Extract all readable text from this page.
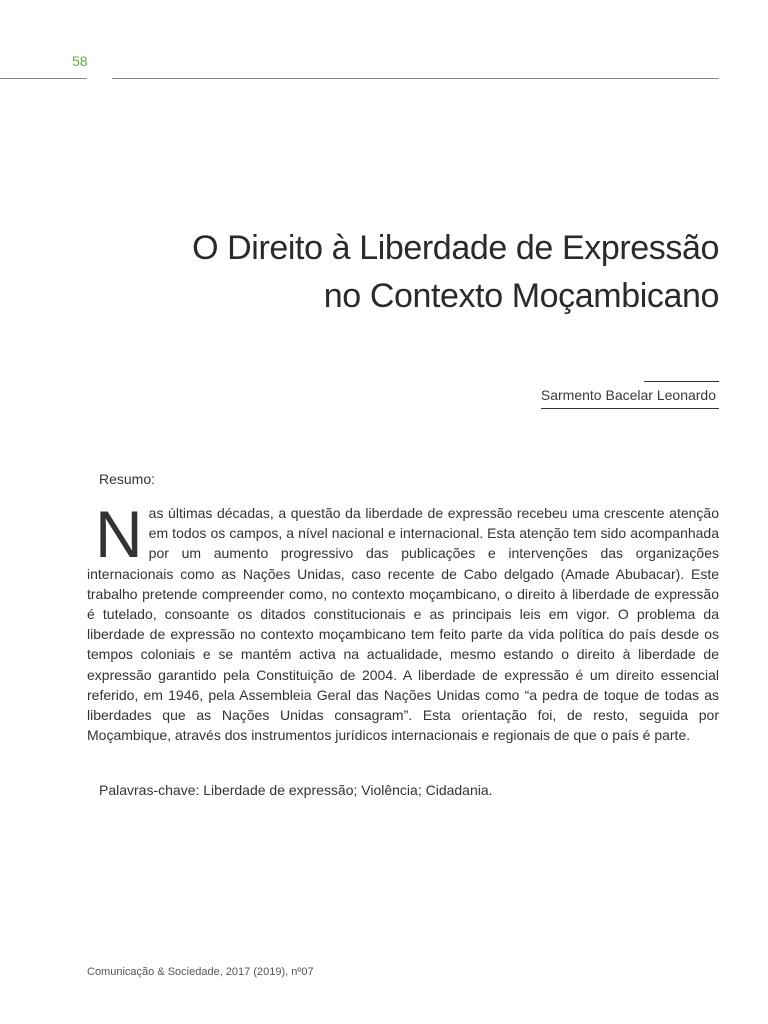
58
O Direito à Liberdade de Expressão
no Contexto Moçambicano
Sarmento Bacelar Leonardo
Resumo:

Nas últimas décadas, a questão da liberdade de expressão recebeu uma crescente atenção em todos os campos, a nível nacional e internacional. Esta atenção tem sido acompanhada por um aumento progressivo das publicações e intervenções das organizações internacionais como as Nações Unidas, caso recente de Cabo delgado (Amade Abubacar). Este trabalho pretende compreender como, no contexto moçambicano, o direito à liberdade de expressão é tutelado, consoante os ditados constitucionais e as principais leis em vigor. O problema da liberdade de expressão no contexto moçambicano tem feito parte da vida política do país desde os tempos coloniais e se mantém activa na actualidade, mesmo estando o direito à liberdade de expressão garantido pela Constituição de 2004. A liberdade de expressão é um direito essencial referido, em 1946, pela Assembleia Geral das Nações Unidas como “a pedra de toque de todas as liberdades que as Nações Unidas consagram”. Esta orientação foi, de resto, seguida por Moçambique, através dos instrumentos jurídicos internacionais e regionais de que o país é parte.

Palavras-chave: Liberdade de expressão; Violência; Cidadania.
Comunicação & Sociedade, 2017 (2019), nº07
